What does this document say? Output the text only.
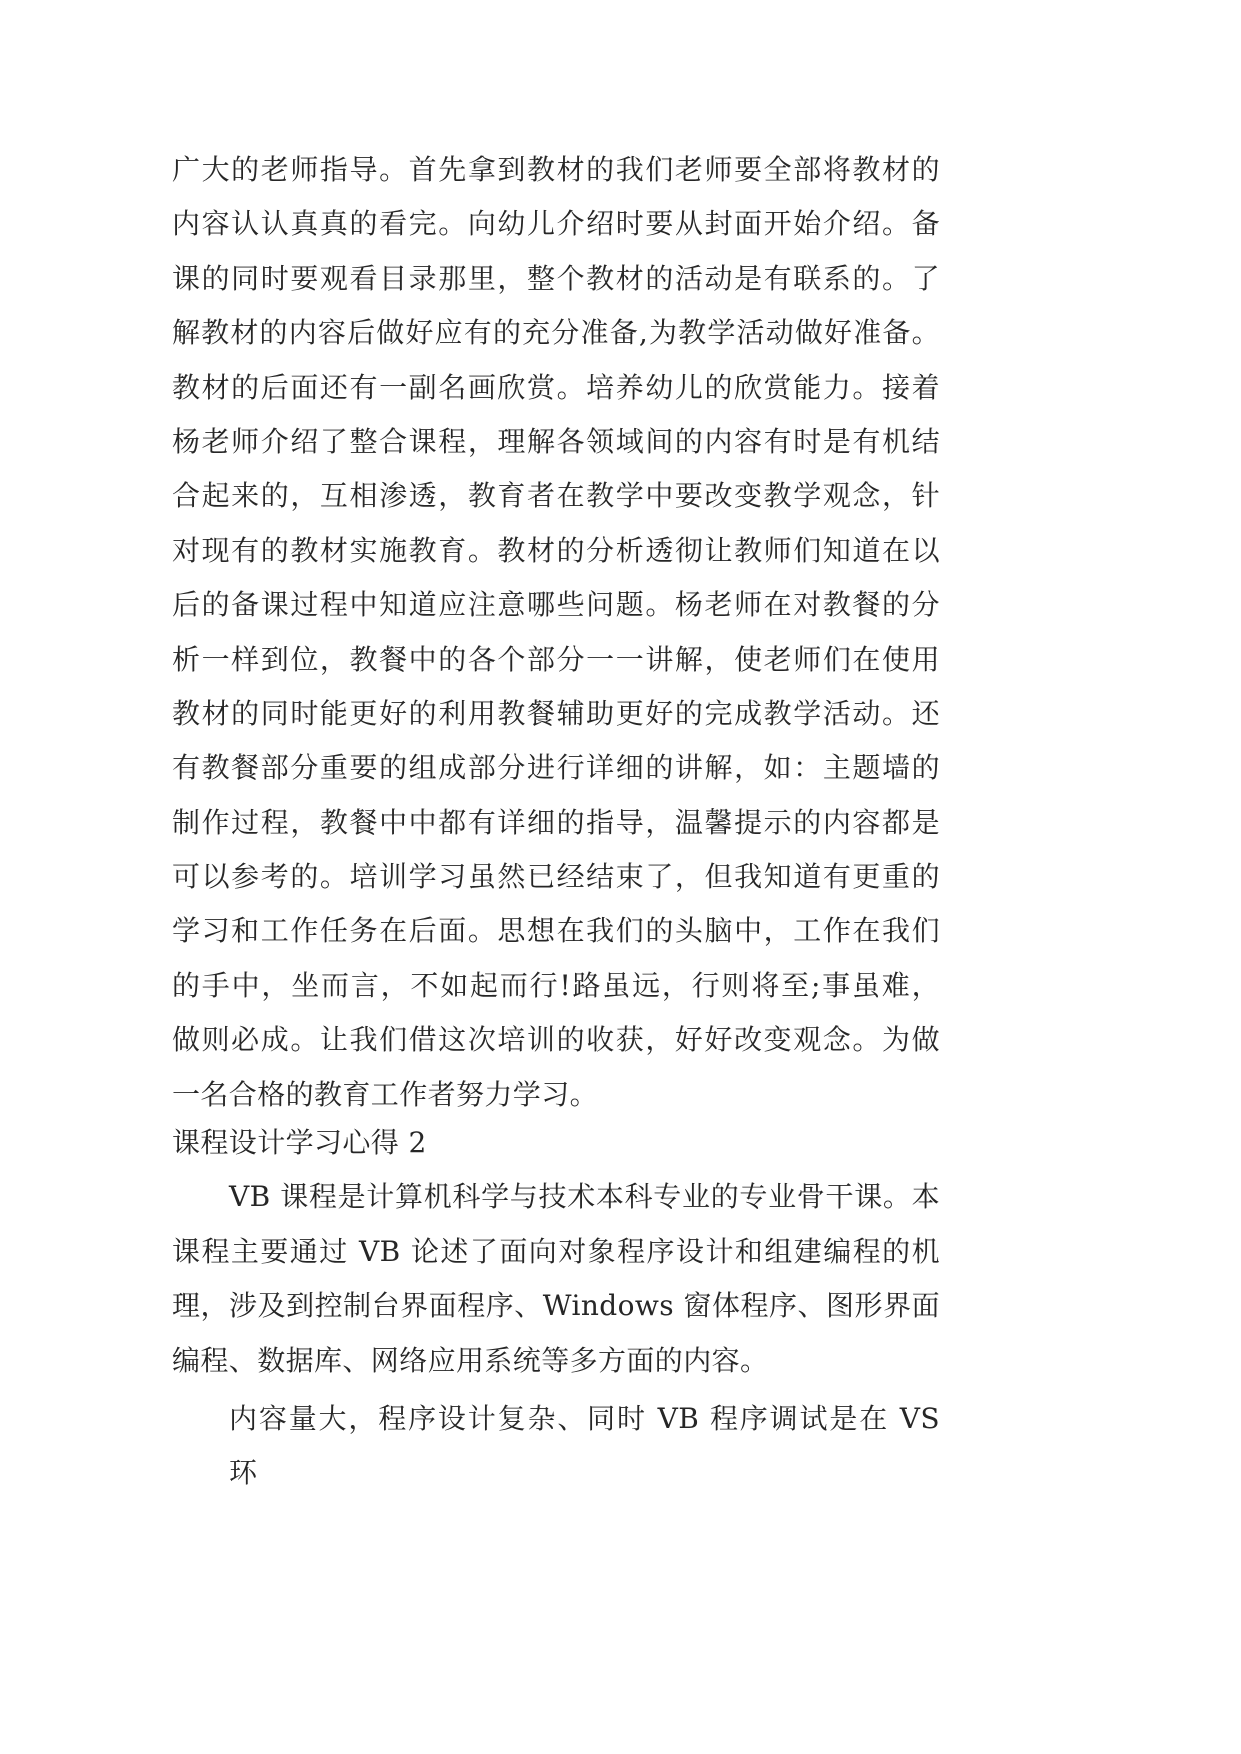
广大的老师指导。首先拿到教材的我们老师要全部将教材的
内容认认真真的看完。向幼儿介绍时要从封面开始介绍。备
课的同时要观看目录那里，整个教材的活动是有联系的。了
解教材的内容后做好应有的充分准备,为教学活动做好准备。
教材的后面还有一副名画欣赏。培养幼儿的欣赏能力。接着
杨老师介绍了整合课程，理解各领域间的内容有时是有机结
合起来的，互相渗透，教育者在教学中要改变教学观念，针
对现有的教材实施教育。教材的分析透彻让教师们知道在以
后的备课过程中知道应注意哪些问题。杨老师在对教餐的分
析一样到位，教餐中的各个部分一一讲解，使老师们在使用
教材的同时能更好的利用教餐辅助更好的完成教学活动。还
有教餐部分重要的组成部分进行详细的讲解，如：主题墙的
制作过程，教餐中中都有详细的指导，温馨提示的内容都是
可以参考的。培训学习虽然已经结束了，但我知道有更重的
学习和工作任务在后面。思想在我们的头脑中，工作在我们
的手中，坐而言，不如起而行!路虽远，行则将至;事虽难，
做则必成。让我们借这次培训的收获，好好改变观念。为做
一名合格的教育工作者努力学习。
课程设计学习心得 2
VB 课程是计算机科学与技术本科专业的专业骨干课。本
课程主要通过 VB 论述了面向对象程序设计和组建编程的机
理，涉及到控制台界面程序、Windows 窗体程序、图形界面
编程、数据库、网络应用系统等多方面的内容。
内容量大，程序设计复杂、同时 VB 程序调试是在 VS 环
